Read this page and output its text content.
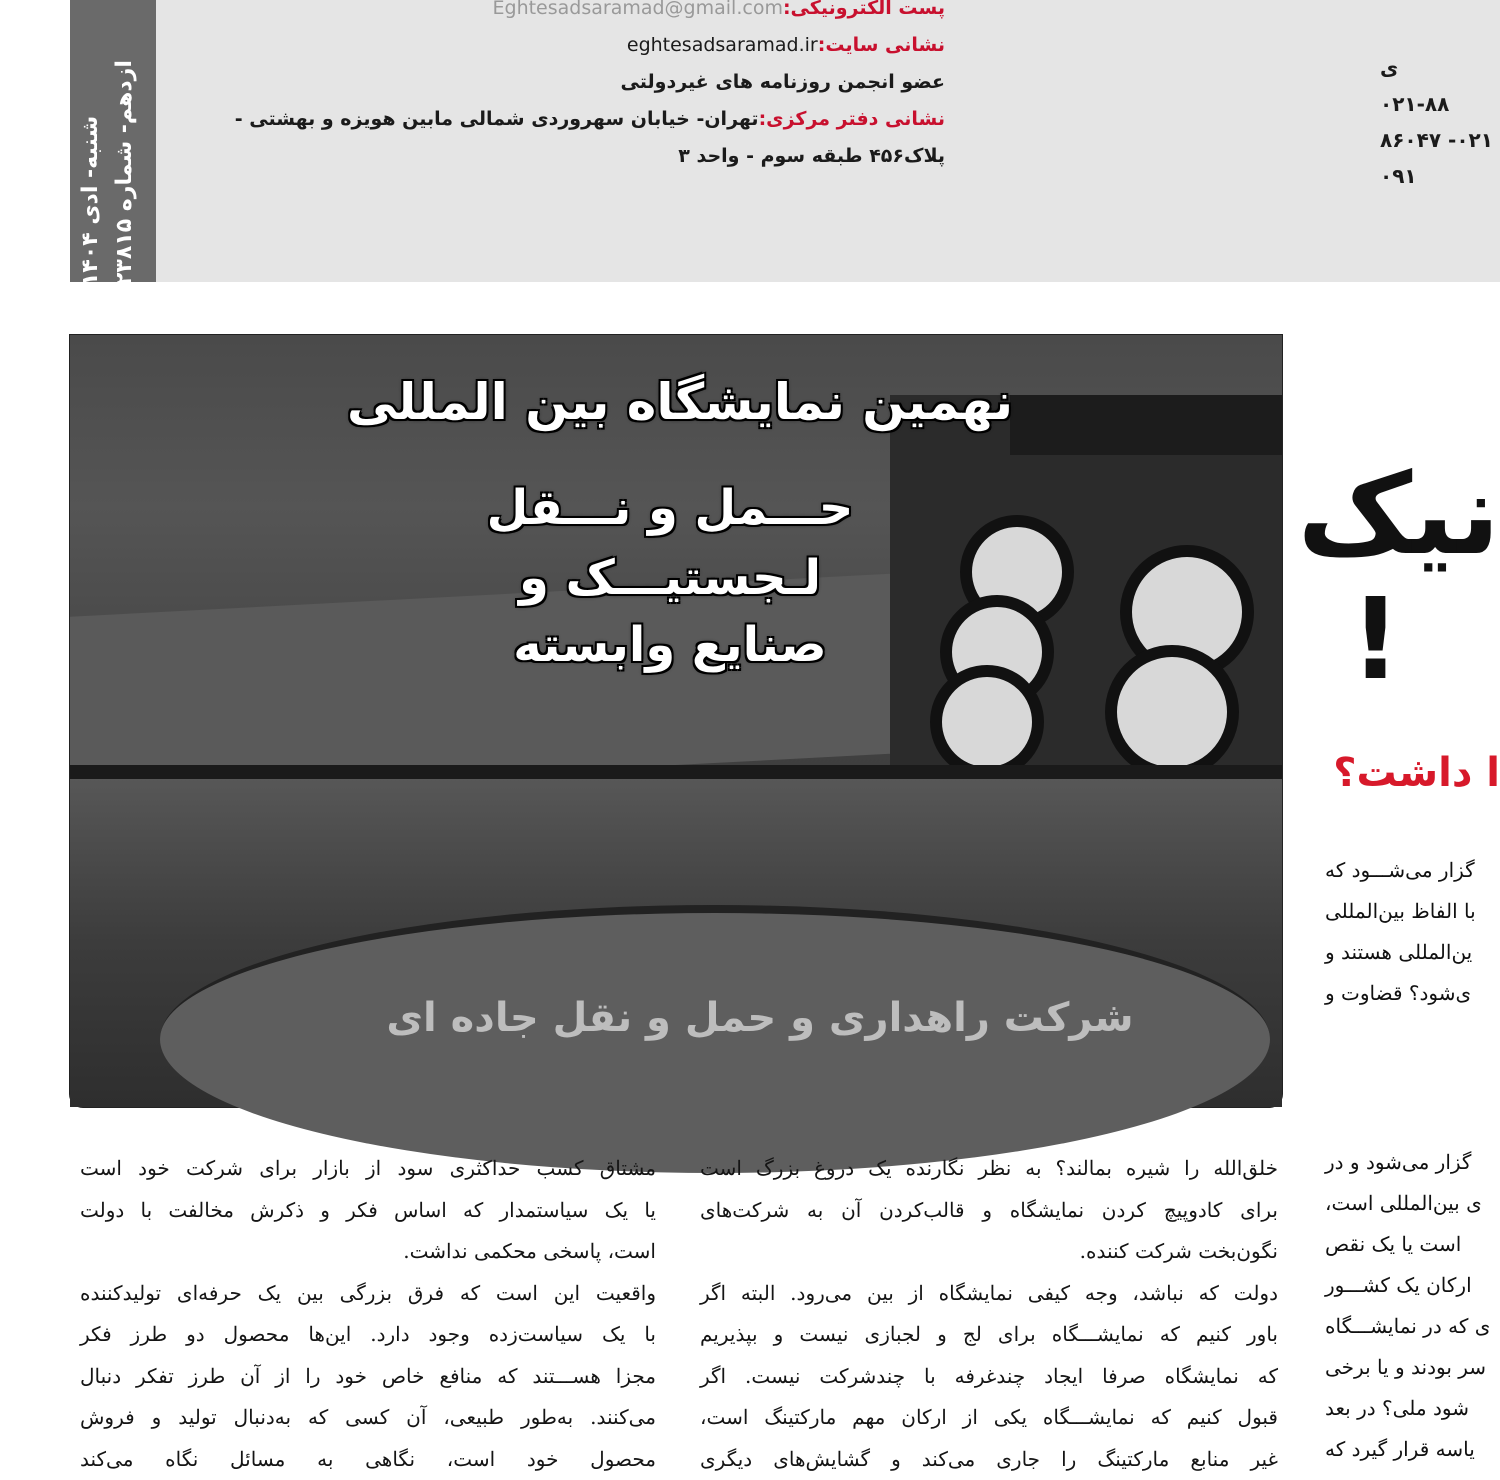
شنبه- ادی ۱۴۰۴
ازدهم- شماره ۲۳۸۱۵
پست الکترونیکی:Eghtesadsaramad@gmail.com
نشانی سایت:eghtesadsaramad.ir
عضو انجمن روزنامه های غیردولتی
نشانی دفتر مرکزی:تهران- خیابان سهروردی شمالی مابین هویزه و بهشتی -
پلاک۴۵۶ طبقه سوم - واحد ۳
ی
۰۲۱-۸۸
۰۲۱- ۸۶۰۴۷
۰۹۱
شرکت راهداری و حمل و نقل جاده ای
نهمین نمایشگاه بین المللی
حـــمل و نـــقل
لـجستیـــک و
صنایع وابسته
نیک
!
ا داشت؟
گزار می‌شـــود که
با الفاظ بین‌المللی
ین‌المللی هستند و
ی‌شود؟ قضاوت و
گزار می‌شود و در
ی بین‌المللی است،
است یا یک نقص
ارکان یک کشـــور
ی که در نمایشـــگاه
سر بودند و یا برخی
شود ملی؟ در بعد
یاسه قرار گیرد که
خلق‌الله را شیره بمالند؟ به نظر نگارنده یک دروغ بزرگ است
برای کادوپیچ کردن نمایشگاه و قالب‌کردن آن به شرکت‌های
نگون‌بخت شرکت کننده.
دولت که نباشد، وجه کیفی نمایشگاه از بین می‌رود. البته اگر
باور کنیم که نمایشـــگاه برای لج و لجبازی نیست و بپذیریم
که نمایشگاه صرفا ایجاد چندغرفه با چندشرکت نیست. اگر
قبول کنیم که نمایشـــگاه یکی از ارکان مهم مارکتینگ است،
غیر منابع مارکتینگ را جاری می‌کند و گشایش‌های دیگری
مشتاق کسب حداکثری سود از بازار برای شرکت خود است
یا یک سیاستمدار که اساس فکر و ذکرش مخالفت با دولت
است، پاسخی محکمی نداشت.
واقعیت این است که فرق بزرگی بین یک حرفه‌ای تولیدکننده
با یک سیاست‌زده وجود دارد. این‌ها محصول دو طرز فکر
مجزا هســـتند که منافع خاص خود را از آن طرز تفکر دنبال
می‌کنند. به‌طور طبیعی، آن کسی که به‌دنبال تولید و فروش
محصول خود است، نگاهی به مسائل نگاه می‌کند
